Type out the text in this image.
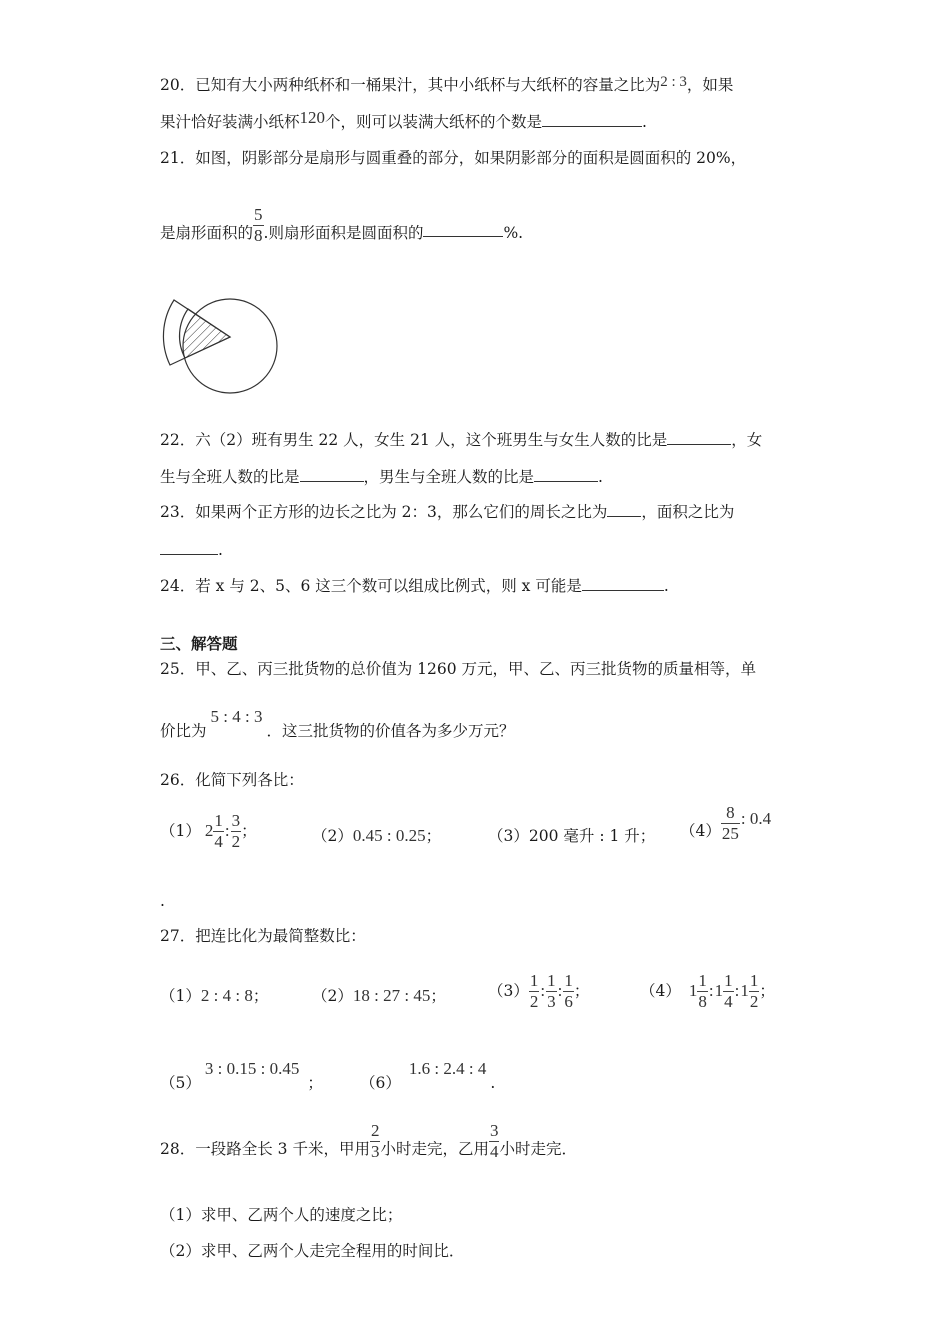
20．已知有大小两种纸杯和一桶果汁，其中小纸杯与大纸杯的容量之比为2 : 3，如果
果汁恰好装满小纸杯120个，则可以装满大纸杯的个数是	.
21．如图，阴影部分是扇形与圆重叠的部分，如果阴影部分的面积是圆面积的 20%，
是扇形面积的 $\frac{5}{8}$ .则扇形面积是圆面积的	%.
22．六（2）班有男生 22 人，女生 21 人，这个班男生与女生人数的比是	，女
生与全班人数的比是	，男生与全班人数的比是	.
23．如果两个正方形的边长之比为 2：3，那么它们的周长之比为 ，面积之比为
.
24．若 x 与 2、5、6 这三个数可以组成比例式，则 x 可能是	.
三、解答题
25．甲、乙、丙三批货物的总价值为 1260 万元，甲、乙、丙三批货物的质量相等，单
价比为5 : 4 : 3．这三批货物的价值各为多少万元？
26．化简下列各比：
（1） $2 \frac{1}{4}$ : $\frac{3}{2}$ ；	（2）0.45 : 0.25；	（3）200 毫升 : 1 升； $(4) \frac{8}{25}$ : 0.4
.
27．把连比化为最简整数比：
（1）2 : 4 : 8；	（2）18 : 27 : 45；	$(3) \frac{1}{2}$ : $\frac{1}{3}$ : $\frac{1}{6}$ ；	（4） $1 \frac{1}{8}$ :1 $\frac{1}{4}$ :1 $\frac{1}{2}$ ；
（5）3 : 0.15 : 0.45； （6）1.6 : 2.4 : 4.
28．一段路全长 3 千米，甲用 $\frac{2}{3}$ 小时走完，乙用 $\frac{3}{4}$ 小时走完．
（1）求甲、乙两个人的速度之比；
（2）求甲、乙两个人走完全程用的时间比．
